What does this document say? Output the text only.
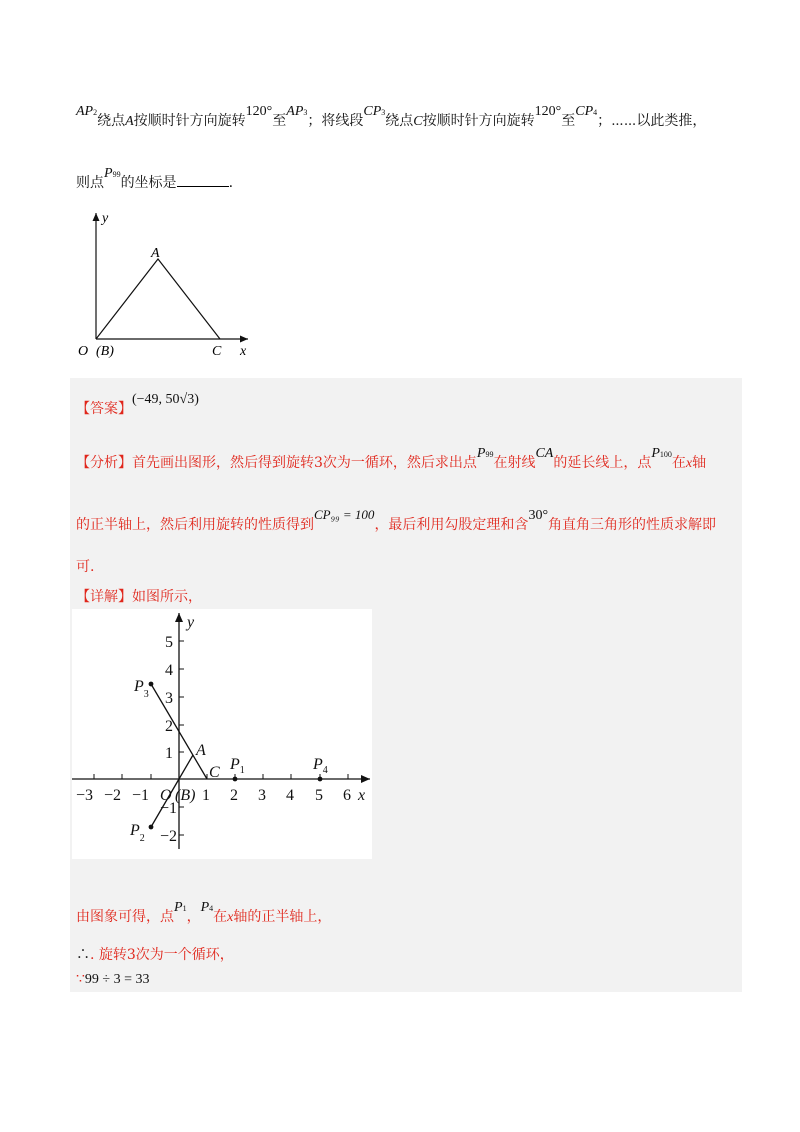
AP2绕点A按顺时针方向旋转120°至AP3；将线段CP3绕点C按顺时针方向旋转120°至CP4；⋯⋯以此类推，
则点P99的坐标是	.
y
A
O (B)	C x
【答案】(−49, 50√3)
【分析】首先画出图形，然后得到旋转3次为一循环，然后求出点P99在射线CA的延长线上，点P100在x轴
的正半轴上，然后利用旋转的性质得到CP₉₉ = 100，最后利用勾股定理和含30°角直角三角形的性质求解即
可.
【详解】如图所示，
−3 −2 −1	1 2 3 4 5 6
5
4
3
2
1
−1
−2
y
x
O (B)
A
C
$P_3$
$P_2$
$P_1$	$P_4$
由图象可得，点P1，P4在x轴的正半轴上，
∴. 旋转3次为一个循环，
∵99 ÷ 3 = 33
